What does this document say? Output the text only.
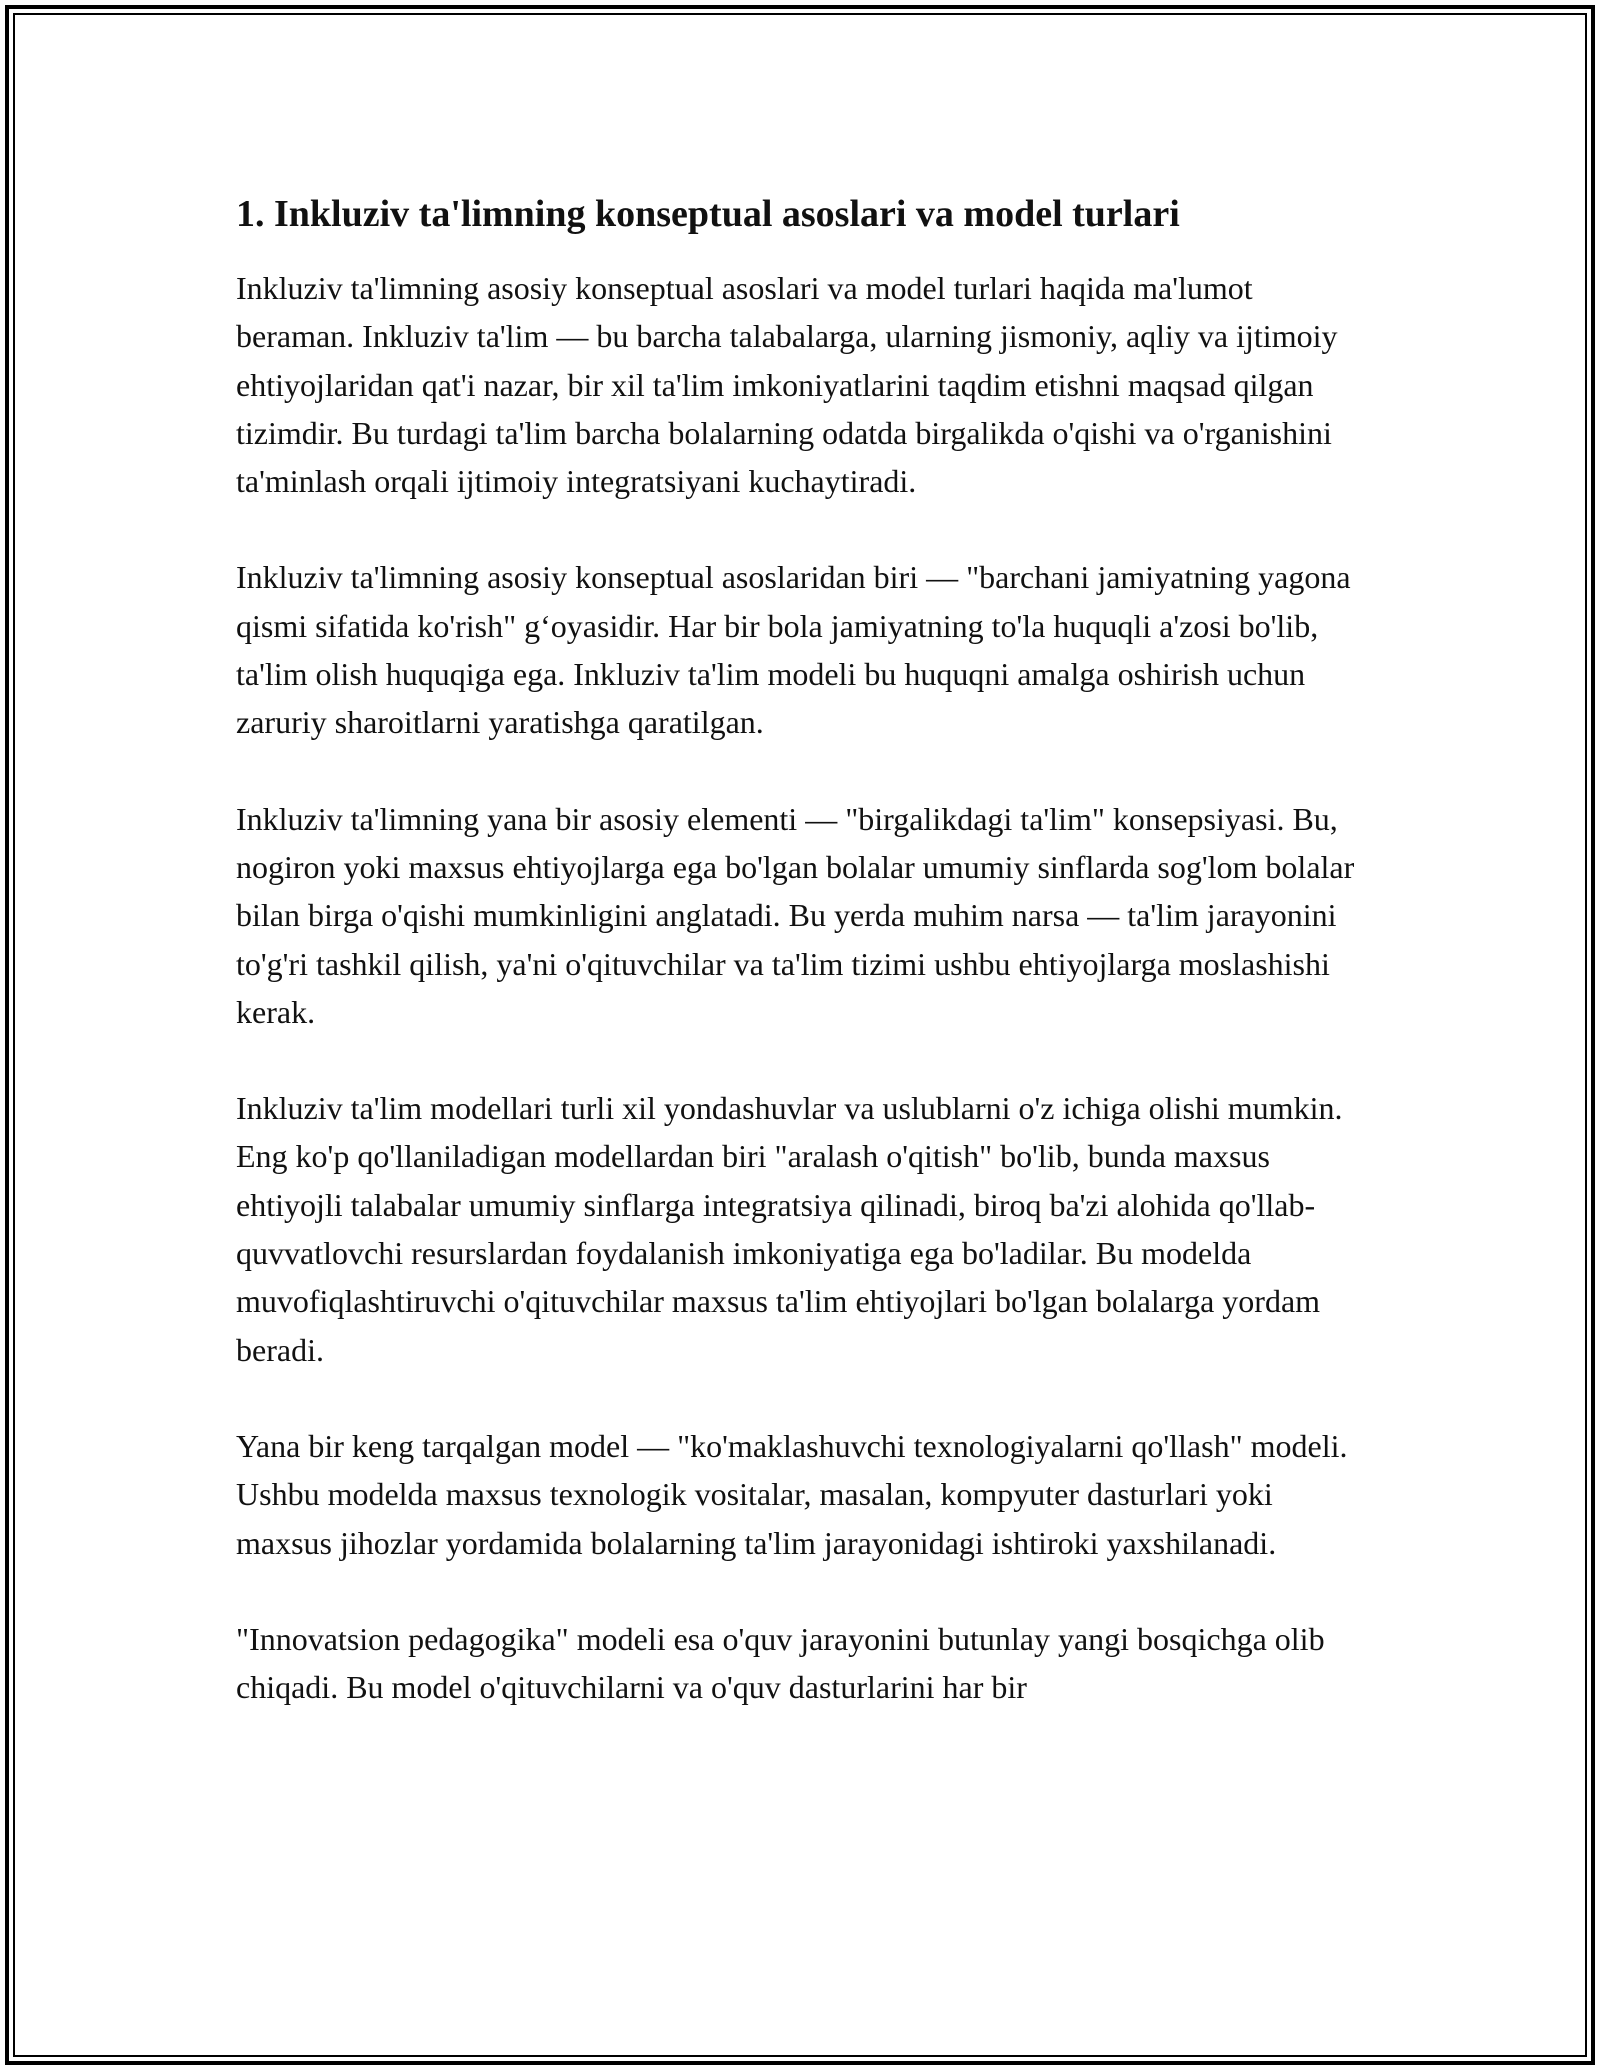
1. Inkluziv ta'limning konseptual asoslari va model turlari

Inkluziv ta'limning asosiy konseptual asoslari va model turlari haqida ma'lumot beraman. Inkluziv ta'lim — bu barcha talabalarga, ularning jismoniy, aqliy va ijtimoiy ehtiyojlaridan qat'i nazar, bir xil ta'lim imkoniyatlarini taqdim etishni maqsad qilgan tizimdir. Bu turdagi ta'lim barcha bolalarning odatda birgalikda o'qishi va o'rganishini ta'minlash orqali ijtimoiy integratsiyani kuchaytiradi.

Inkluziv ta'limning asosiy konseptual asoslaridan biri — "barchani jamiyatning yagona qismi sifatida ko'rish" g‘oyasidir. Har bir bola jamiyatning to'la huquqli a'zosi bo'lib, ta'lim olish huquqiga ega. Inkluziv ta'lim modeli bu huquqni amalga oshirish uchun zaruriy sharoitlarni yaratishga qaratilgan.

Inkluziv ta'limning yana bir asosiy elementi — "birgalikdagi ta'lim" konsepsiyasi. Bu, nogiron yoki maxsus ehtiyojlarga ega bo'lgan bolalar umumiy sinflarda sog'lom bolalar bilan birga o'qishi mumkinligini anglatadi. Bu yerda muhim narsa — ta'lim jarayonini to'g'ri tashkil qilish, ya'ni o'qituvchilar va ta'lim tizimi ushbu ehtiyojlarga moslashishi kerak.

Inkluziv ta'lim modellari turli xil yondashuvlar va uslublarni o'z ichiga olishi mumkin. Eng ko'p qo'llaniladigan modellardan biri "aralash o'qitish" bo'lib, bunda maxsus ehtiyojli talabalar umumiy sinflarga integratsiya qilinadi, biroq ba'zi alohida qo'llab-quvvatlovchi resurslardan foydalanish imkoniyatiga ega bo'ladilar. Bu modelda muvofiqlashtiruvchi o'qituvchilar maxsus ta'lim ehtiyojlari bo'lgan bolalarga yordam beradi.

Yana bir keng tarqalgan model — "ko'maklashuvchi texnologiyalarni qo'llash" modeli. Ushbu modelda maxsus texnologik vositalar, masalan, kompyuter dasturlari yoki maxsus jihozlar yordamida bolalarning ta'lim jarayonidagi ishtiroki yaxshilanadi.

"Innovatsion pedagogika" modeli esa o'quv jarayonini butunlay yangi bosqichga olib chiqadi. Bu model o'qituvchilarni va o'quv dasturlarini har bir
